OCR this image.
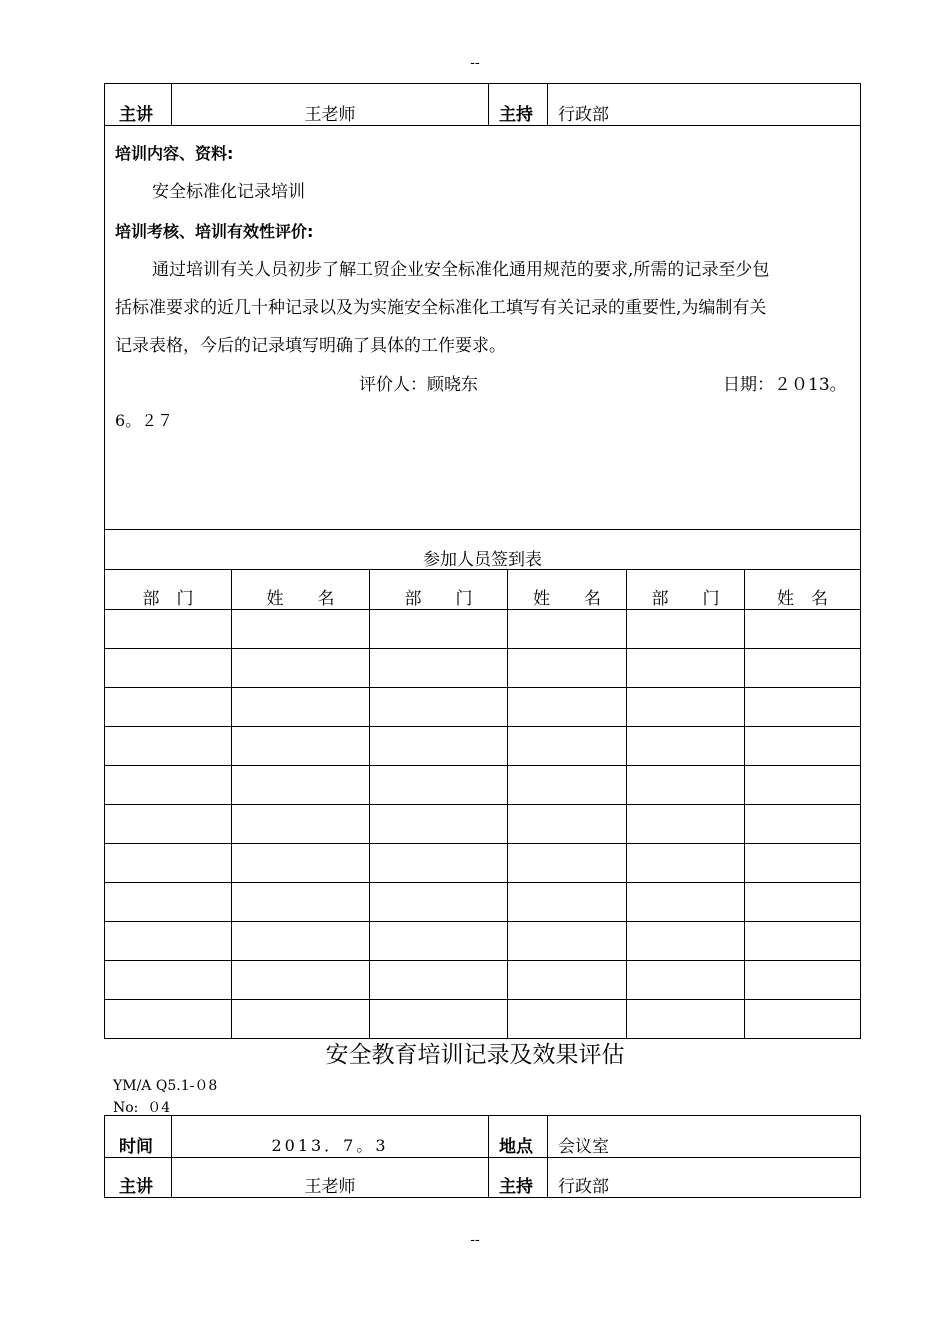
--
主讲	王老师	主持	行政部
培训内容、资料:
安全标准化记录培训
培训考核、培训有效性评价:
通过培训有关人员初步了解工贸企业安全标准化通用规范的要求,所需的记录至少包
括标准要求的近几十种记录以及为实施安全标准化工填写有关记录的重要性,为编制有关
记录表格，今后的记录填写明确了具体的工作要求。
评价人：顾晓东	日期：２０13。
6。２７
参加人员签到表
部　门	姓　　名	部　　门	姓　　名	部　　门	姓　名

安全教育培训记录及效果评估
YM/A Q5.1-０8
No:  ０4
时间	2013．7。3	地点	会议室

主讲	王老师	主持	行政部
--
